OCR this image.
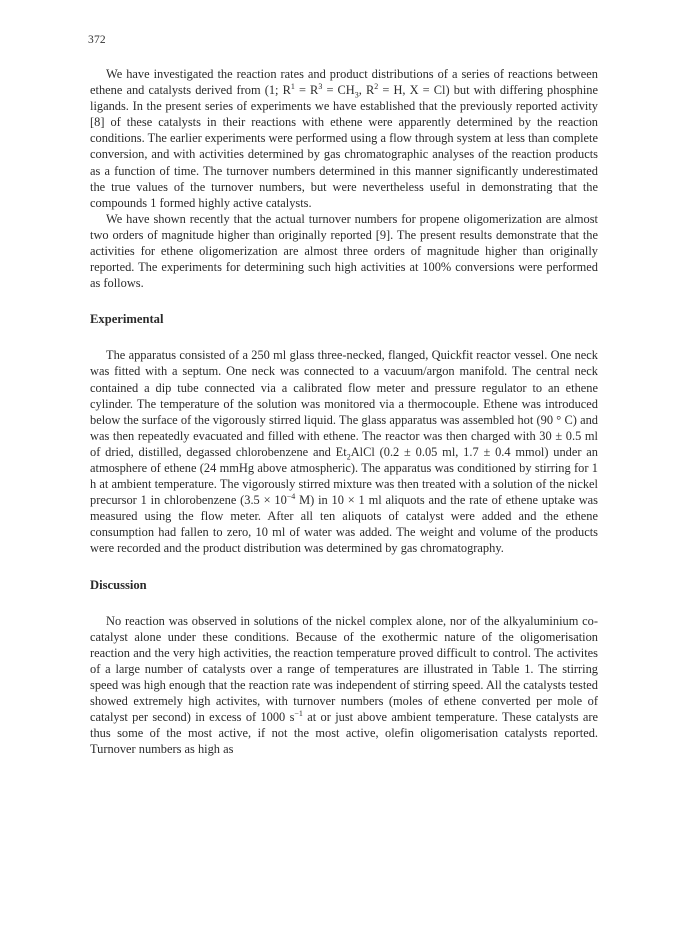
372

We have investigated the reaction rates and product distributions of a series of reactions between ethene and catalysts derived from (1; $R^1 = R^3 = CH_3$, $R^2 = H$, X = Cl) but with differing phosphine ligands. In the present series of experiments we have established that the previously reported activity [8] of these catalysts in their reactions with ethene were apparently determined by the reaction conditions. The earlier experiments were performed using a flow through system at less than complete conversion, and with activities determined by gas chromatographic analyses of the reaction products as a function of time. The turnover numbers determined in this manner significantly underestimated the true values of the turnover numbers, but were nevertheless useful in demonstrating that the compounds 1 formed highly active catalysts.

We have shown recently that the actual turnover numbers for propene oligomerization are almost two orders of magnitude higher than originally reported [9]. The present results demonstrate that the activities for ethene oligomerization are almost three orders of magnitude higher than originally reported. The experiments for determining such high activities at 100% conversions were performed as follows.

Experimental

The apparatus consisted of a 250 ml glass three-necked, flanged, Quickfit reactor vessel. One neck was fitted with a septum. One neck was connected to a vacuum/argon manifold. The central neck contained a dip tube connected via a calibrated flow meter and pressure regulator to an ethene cylinder. The temperature of the solution was monitored via a thermocouple. Ethene was introduced below the surface of the vigorously stirred liquid. The glass apparatus was assembled hot (90 ° C) and was then repeatedly evacuated and filled with ethene. The reactor was then charged with 30 ± 0.5 ml of dried, distilled, degassed chlorobenzene and $Et_2AlCl$ (0.2 ± 0.05 ml, 1.7 ± 0.4 mmol) under an atmosphere of ethene (24 mmHg above atmospheric). The apparatus was conditioned by stirring for 1 h at ambient temperature. The vigorously stirred mixture was then treated with a solution of the nickel precursor 1 in chlorobenzene ($3.5 \times 10^{-4}$ M) in 10 × 1 ml aliquots and the rate of ethene uptake was measured using the flow meter. After all ten aliquots of catalyst were added and the ethene consumption had fallen to zero, 10 ml of water was added. The weight and volume of the products were recorded and the product distribution was determined by gas chromatography.

Discussion

No reaction was observed in solutions of the nickel complex alone, nor of the alkyaluminium co-catalyst alone under these conditions. Because of the exothermic nature of the oligomerisation reaction and the very high activities, the reaction temperature proved difficult to control. The activites of a large number of catalysts over a range of temperatures are illustrated in Table 1. The stirring speed was high enough that the reaction rate was independent of stirring speed. All the catalysts tested showed extremely high activites, with turnover numbers (moles of ethene converted per mole of catalyst per second) in excess of 1000 $s^{-1}$ at or just above ambient temperature. These catalysts are thus some of the most active, if not the most active, olefin oligomerisation catalysts reported. Turnover numbers as high as
